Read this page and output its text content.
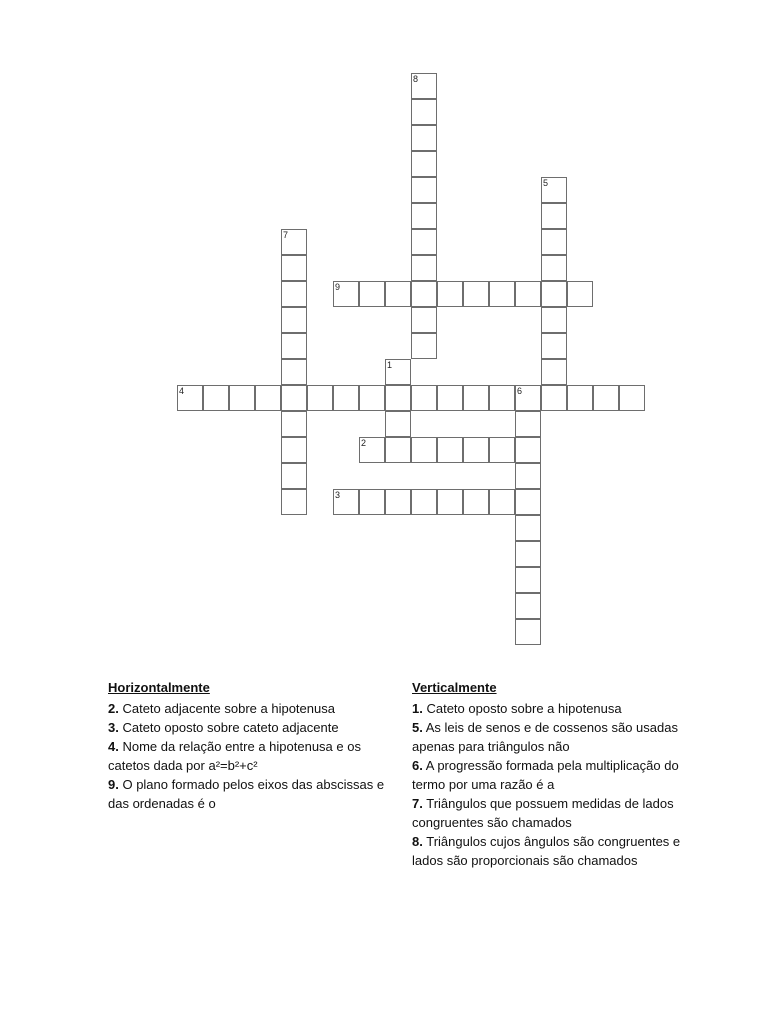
1
2
3
4	6
5
7
8
9
Horizontalmente

2. Cateto adjacente sobre a hipotenusa

3. Cateto oposto sobre cateto adjacente

4. Nome da relação entre a hipotenusa e os catetos dada por a²=b²+c²

9. O plano formado pelos eixos das abscissas e das ordenadas é o

Verticalmente

1. Cateto oposto sobre a hipotenusa

5. As leis de senos e de cossenos são usadas apenas para triângulos não

6. A progressão formada pela multiplicação do termo por uma razão é a

7. Triângulos que possuem medidas de lados congruentes são chamados

8. Triângulos cujos ângulos são congruentes e lados são proporcionais são chamados
